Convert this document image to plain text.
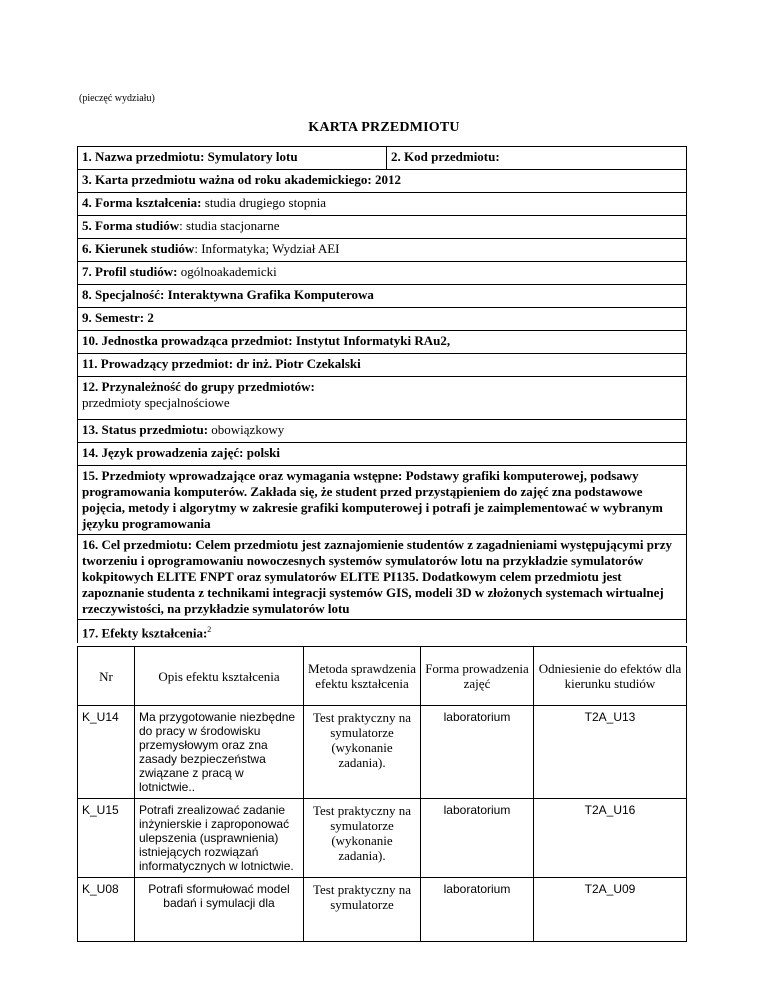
(pieczęć wydziału)
KARTA PRZEDMIOTU
1. Nazwa przedmiotu: Symulatory lotu	2. Kod przedmiotu:
3. Karta przedmiotu ważna od roku akademickiego: 2012
4. Forma kształcenia: studia drugiego stopnia
5. Forma studiów: studia stacjonarne
6. Kierunek studiów: Informatyka; Wydział AEI
7. Profil studiów: ogólnoakademicki
8. Specjalność: Interaktywna Grafika Komputerowa
9. Semestr: 2
10. Jednostka prowadząca przedmiot: Instytut Informatyki RAu2,
11. Prowadzący przedmiot: dr inż. Piotr Czekalski
12. Przynależność do grupy przedmiotów:
przedmioty specjalnościowe
13. Status przedmiotu: obowiązkowy
14. Język prowadzenia zajęć: polski
15. Przedmioty wprowadzające oraz wymagania wstępne: Podstawy grafiki komputerowej, podsawy programowania komputerów. Zakłada się, że student przed przystąpieniem do zajęć zna podstawowe pojęcia, metody i algorytmy w zakresie grafiki komputerowej i potrafi je zaimplementować w wybranym języku programowania
16. Cel przedmiotu: Celem przedmiotu jest zaznajomienie studentów z zagadnieniami występującymi przy tworzeniu i oprogramowaniu nowoczesnych systemów symulatorów lotu na przykładzie symulatorów kokpitowych ELITE FNPT oraz symulatorów ELITE PI135. Dodatkowym celem przedmiotu jest zapoznanie studenta z technikami integracji systemów GIS, modeli 3D w złożonych systemach wirtualnej rzeczywistości, na przykładzie symulatorów lotu
17. Efekty kształcenia:$^2$
Nr	Opis efektu kształcenia	Metoda sprawdzenia efektu kształcenia	Forma prowadzenia zajęć	Odniesienie do efektów dla kierunku studiów
K_U14	Ma przygotowanie niezbędne do pracy w środowisku przemysłowym oraz zna zasady bezpieczeństwa związane z pracą w lotnictwie..	Test praktyczny na symulatorze (wykonanie zadania).	laboratorium	T2A_U13
K_U15	Potrafi zrealizować zadanie inżynierskie i zaproponować ulepszenia (usprawnienia) istniejących rozwiązań informatycznych w lotnictwie.	Test praktyczny na symulatorze (wykonanie zadania).	laboratorium	T2A_U16
K_U08	Potrafi sformułować model badań i symulacji dla	Test praktyczny na symulatorze	laboratorium	T2A_U09
